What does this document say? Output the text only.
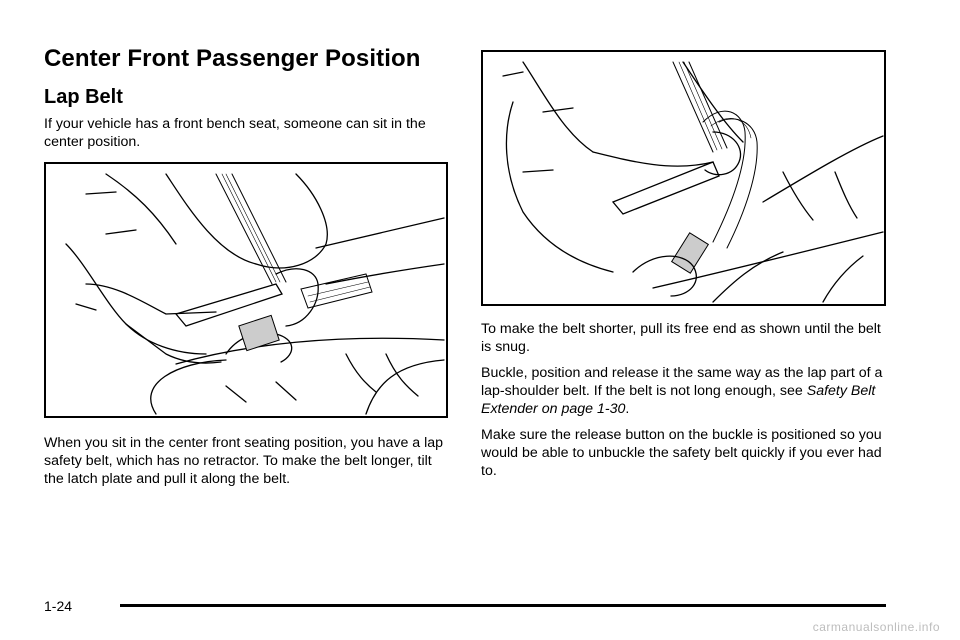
Center Front Passenger Position
Lap Belt

If your vehicle has a front bench seat, someone can sit in the center position.

When you sit in the center front seating position, you have a lap safety belt, which has no retractor. To make the belt longer, tilt the latch plate and pull it along the belt.

To make the belt shorter, pull its free end as shown until the belt is snug.

Buckle, position and release it the same way as the lap part of a lap-shoulder belt. If the belt is not long enough, see Safety Belt Extender on page 1-30.

Make sure the release button on the buckle is positioned so you would be able to unbuckle the safety belt quickly if you ever had to.

1-24
carmanualsonline.info
